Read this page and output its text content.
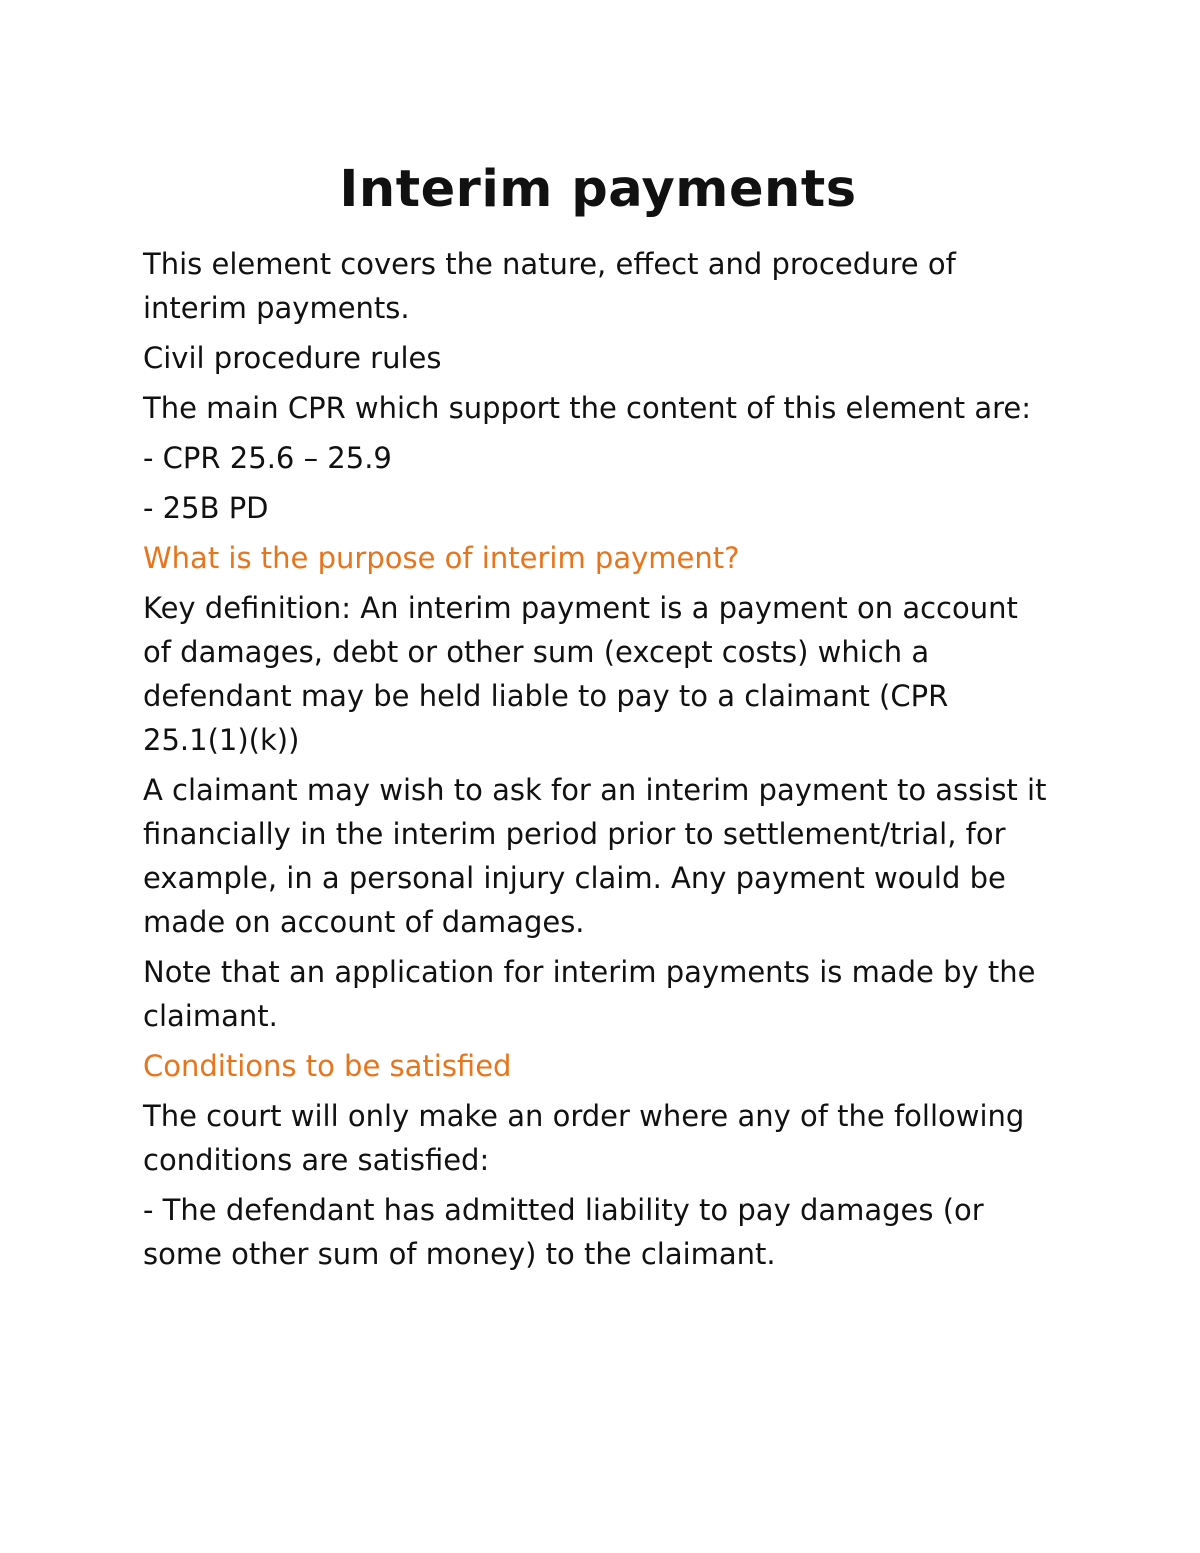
Interim payments

This element covers the nature, effect and procedure of interim payments.

Civil procedure rules

The main CPR which support the content of this element are:

- CPR 25.6 – 25.9

- 25B PD

What is the purpose of interim payment?

Key definition: An interim payment is a payment on account of damages, debt or other sum (except costs) which a defendant may be held liable to pay to a claimant (CPR 25.1(1)(k))

A claimant may wish to ask for an interim payment to assist it financially in the interim period prior to settlement/trial, for example, in a personal injury claim. Any payment would be made on account of damages.

Note that an application for interim payments is made by the claimant.

Conditions to be satisfied

The court will only make an order where any of the following conditions are satisfied:

- The defendant has admitted liability to pay damages (or some other sum of money) to the claimant.
